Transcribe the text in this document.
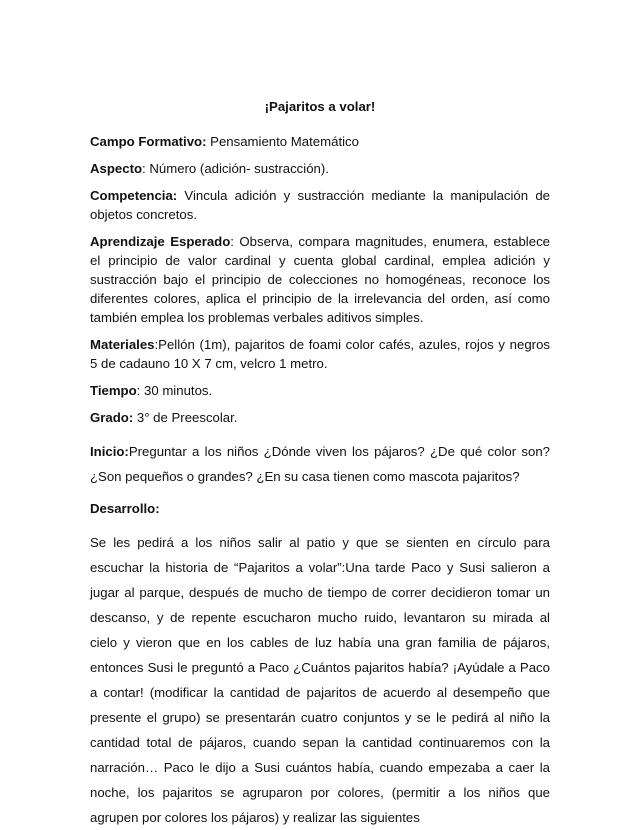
¡Pajaritos a volar!

Campo Formativo: Pensamiento Matemático

Aspecto: Número (adición- sustracción).

Competencia: Vincula adición y sustracción mediante la manipulación de objetos concretos.

Aprendizaje Esperado: Observa, compara magnitudes, enumera, establece el principio de valor cardinal y cuenta global cardinal, emplea adición y sustracción bajo el principio de colecciones no homogéneas, reconoce los diferentes colores, aplica el principio de la irrelevancia del orden, así como también emplea los problemas verbales aditivos simples.

Materiales:Pellón (1m), pajaritos de foami color cafés, azules, rojos y negros 5 de cadauno 10 X 7 cm, velcro 1 metro.

Tiempo: 30 minutos.

Grado: 3° de Preescolar.

Inicio:Preguntar a los niños ¿Dónde viven los pájaros? ¿De qué color son? ¿Son pequeños o grandes? ¿En su casa tienen como mascota pajaritos?

Desarrollo:

Se les pedirá a los niños salir al patio y que se sienten en círculo para escuchar la historia de “Pajaritos a volar”:Una tarde Paco y Susi salieron a jugar al parque, después de mucho de tiempo de correr decidieron tomar un descanso, y de repente escucharon mucho ruido, levantaron su mirada al cielo y vieron que en los cables de luz había una gran familia de pájaros, entonces Susi le preguntó a Paco ¿Cuántos pajaritos había? ¡Ayúdale a Paco a contar! (modificar la cantidad de pajaritos de acuerdo al desempeño que presente el grupo) se presentarán cuatro conjuntos y se le pedirá al niño la cantidad total de pájaros, cuando sepan la cantidad continuaremos con la narración… Paco le dijo a Susi cuántos había, cuando empezaba a caer la noche, los pajaritos se agruparon por colores, (permitir a los niños que agrupen por colores los pájaros) y realizar las siguientes
